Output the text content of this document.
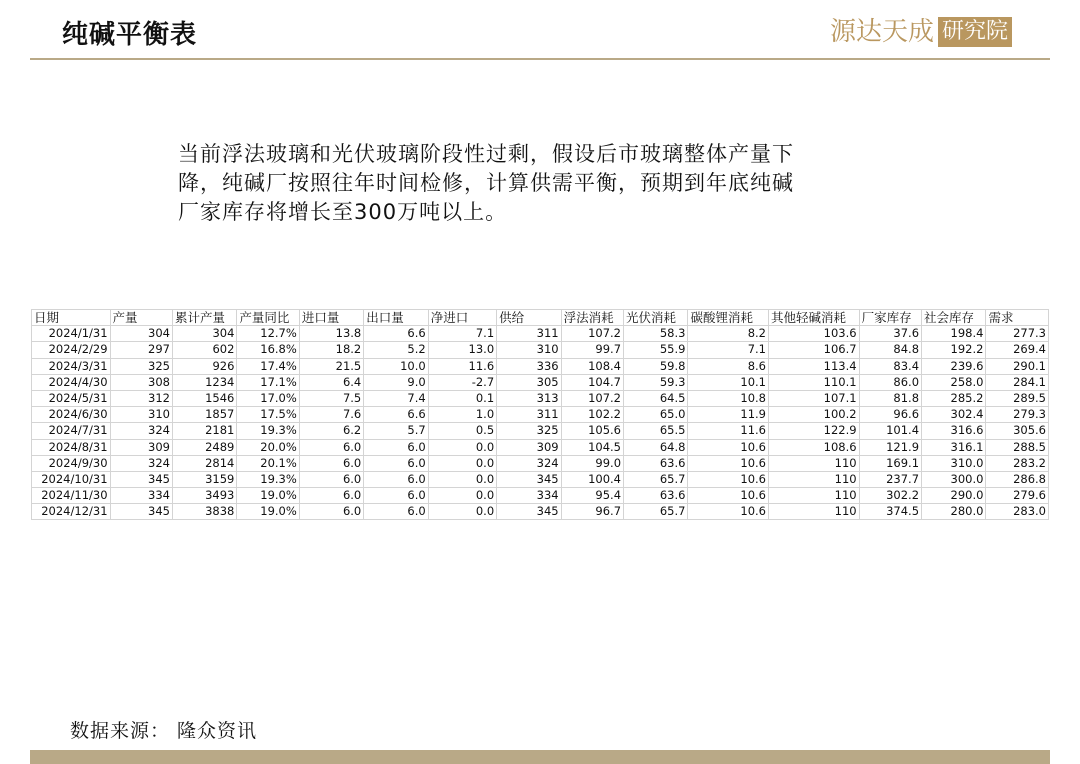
纯碱平衡表	源达天成 研究院
当前浮法玻璃和光伏玻璃阶段性过剩，假设后市玻璃整体产量下
降，纯碱厂按照往年时间检修，计算供需平衡，预期到年底纯碱
厂家库存将增长至300万吨以上。
日期	产量	累计产量	产量同比	进口量	出口量	净进口	供给	浮法消耗	光伏消耗	碳酸锂消耗	其他轻碱消耗	厂家库存	社会库存	需求
2024/1/31	304	304	12.7%	13.8	6.6	7.1	311	107.2	58.3	8.2	103.6	37.6	198.4	277.3
2024/2/29	297	602	16.8%	18.2	5.2	13.0	310	99.7	55.9	7.1	106.7	84.8	192.2	269.4
2024/3/31	325	926	17.4%	21.5	10.0	11.6	336	108.4	59.8	8.6	113.4	83.4	239.6	290.1
2024/4/30	308	1234	17.1%	6.4	9.0	-2.7	305	104.7	59.3	10.1	110.1	86.0	258.0	284.1
2024/5/31	312	1546	17.0%	7.5	7.4	0.1	313	107.2	64.5	10.8	107.1	81.8	285.2	289.5
2024/6/30	310	1857	17.5%	7.6	6.6	1.0	311	102.2	65.0	11.9	100.2	96.6	302.4	279.3
2024/7/31	324	2181	19.3%	6.2	5.7	0.5	325	105.6	65.5	11.6	122.9	101.4	316.6	305.6
2024/8/31	309	2489	20.0%	6.0	6.0	0.0	309	104.5	64.8	10.6	108.6	121.9	316.1	288.5
2024/9/30	324	2814	20.1%	6.0	6.0	0.0	324	99.0	63.6	10.6	110	169.1	310.0	283.2
2024/10/31	345	3159	19.3%	6.0	6.0	0.0	345	100.4	65.7	10.6	110	237.7	300.0	286.8
2024/11/30	334	3493	19.0%	6.0	6.0	0.0	334	95.4	63.6	10.6	110	302.2	290.0	279.6
2024/12/31	345	3838	19.0%	6.0	6.0	0.0	345	96.7	65.7	10.6	110	374.5	280.0	283.0
数据来源： 隆众资讯
